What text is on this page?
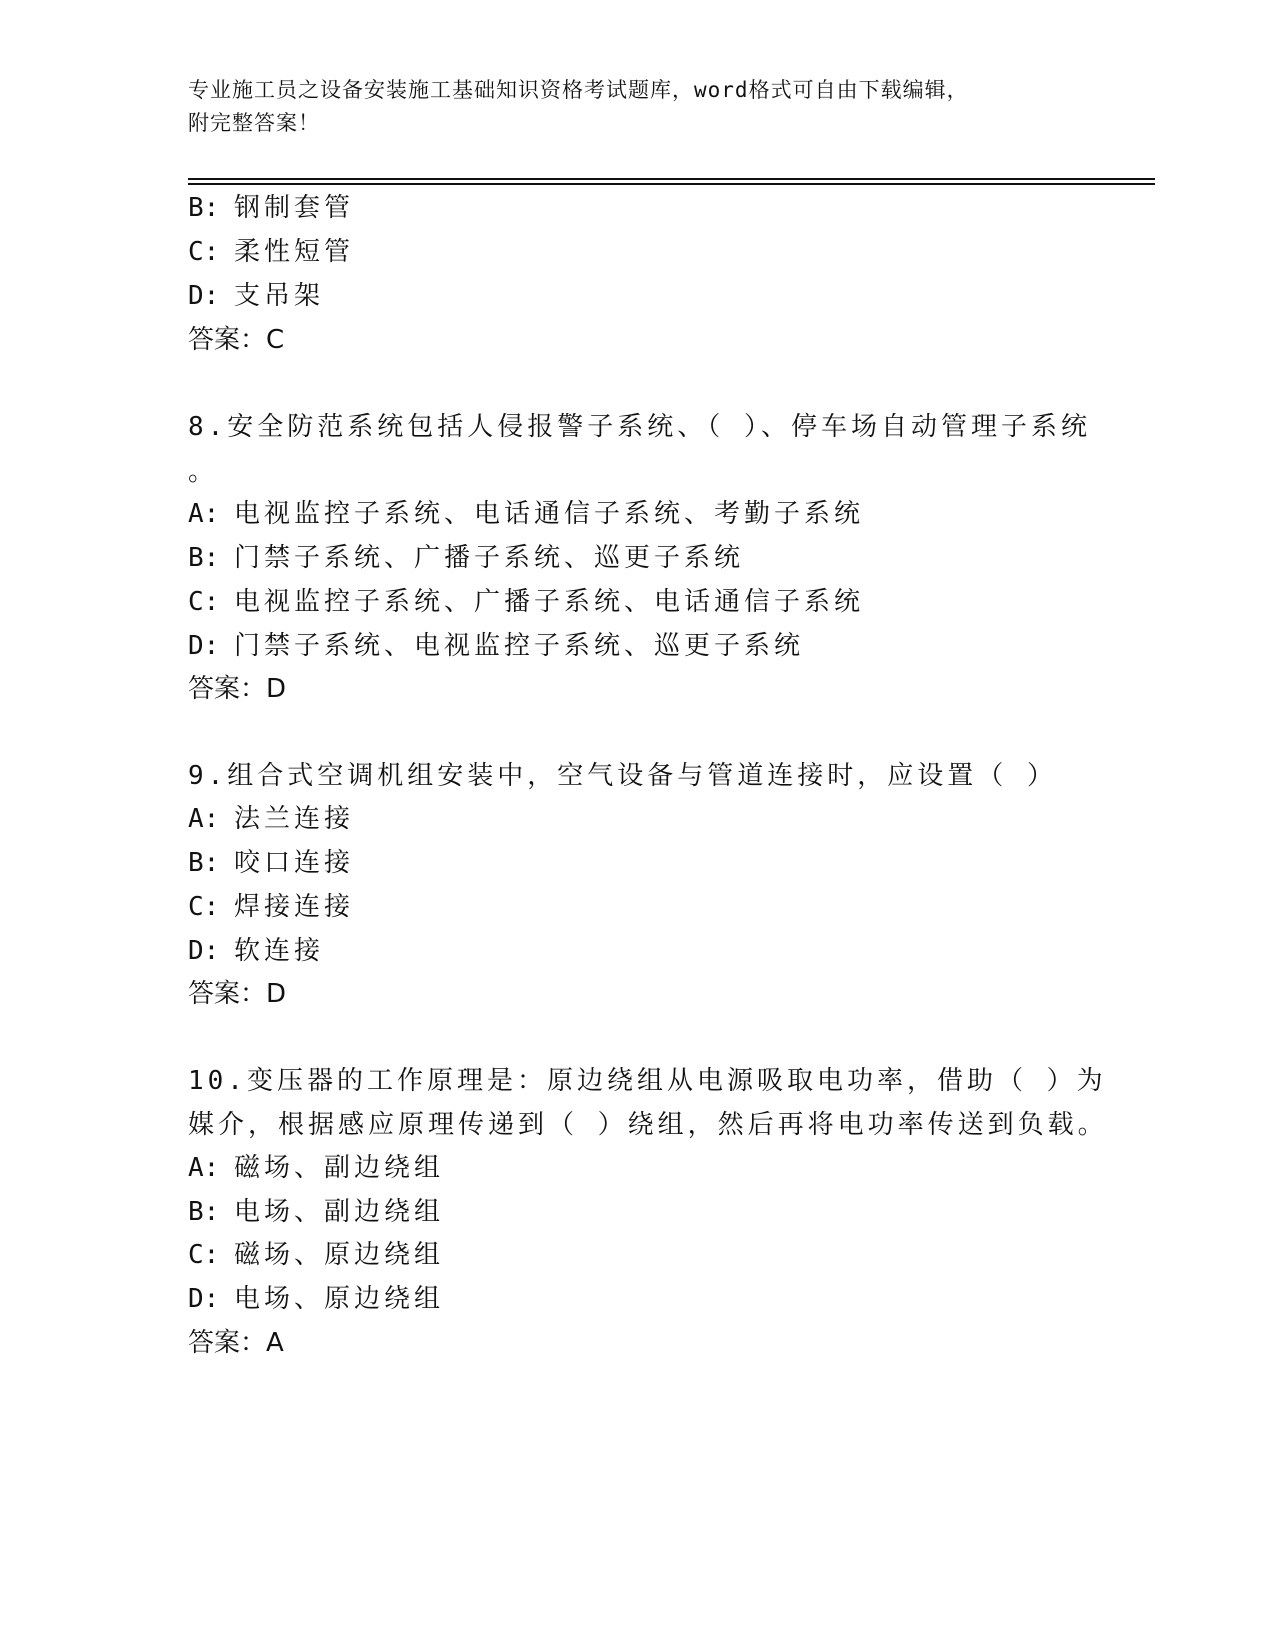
专业施工员之设备安装施工基础知识资格考试题库，word格式可自由下载编辑，
附完整答案！
B: 钢制套管
C: 柔性短管
D: 支吊架
答案：C
8.安全防范系统包括人侵报警子系统、（ ）、停车场自动管理子系统
。
A: 电视监控子系统、电话通信子系统、考勤子系统
B: 门禁子系统、广播子系统、巡更子系统
C: 电视监控子系统、广播子系统、电话通信子系统
D: 门禁子系统、电视监控子系统、巡更子系统
答案：D
9.组合式空调机组安装中，空气设备与管道连接时，应设置（ ）
A: 法兰连接
B: 咬口连接
C: 焊接连接
D: 软连接
答案：D
10.变压器的工作原理是：原边绕组从电源吸取电功率，借助（ ）为
媒介，根据感应原理传递到（ ）绕组，然后再将电功率传送到负载。
A: 磁场、副边绕组
B: 电场、副边绕组
C: 磁场、原边绕组
D: 电场、原边绕组
答案：A
